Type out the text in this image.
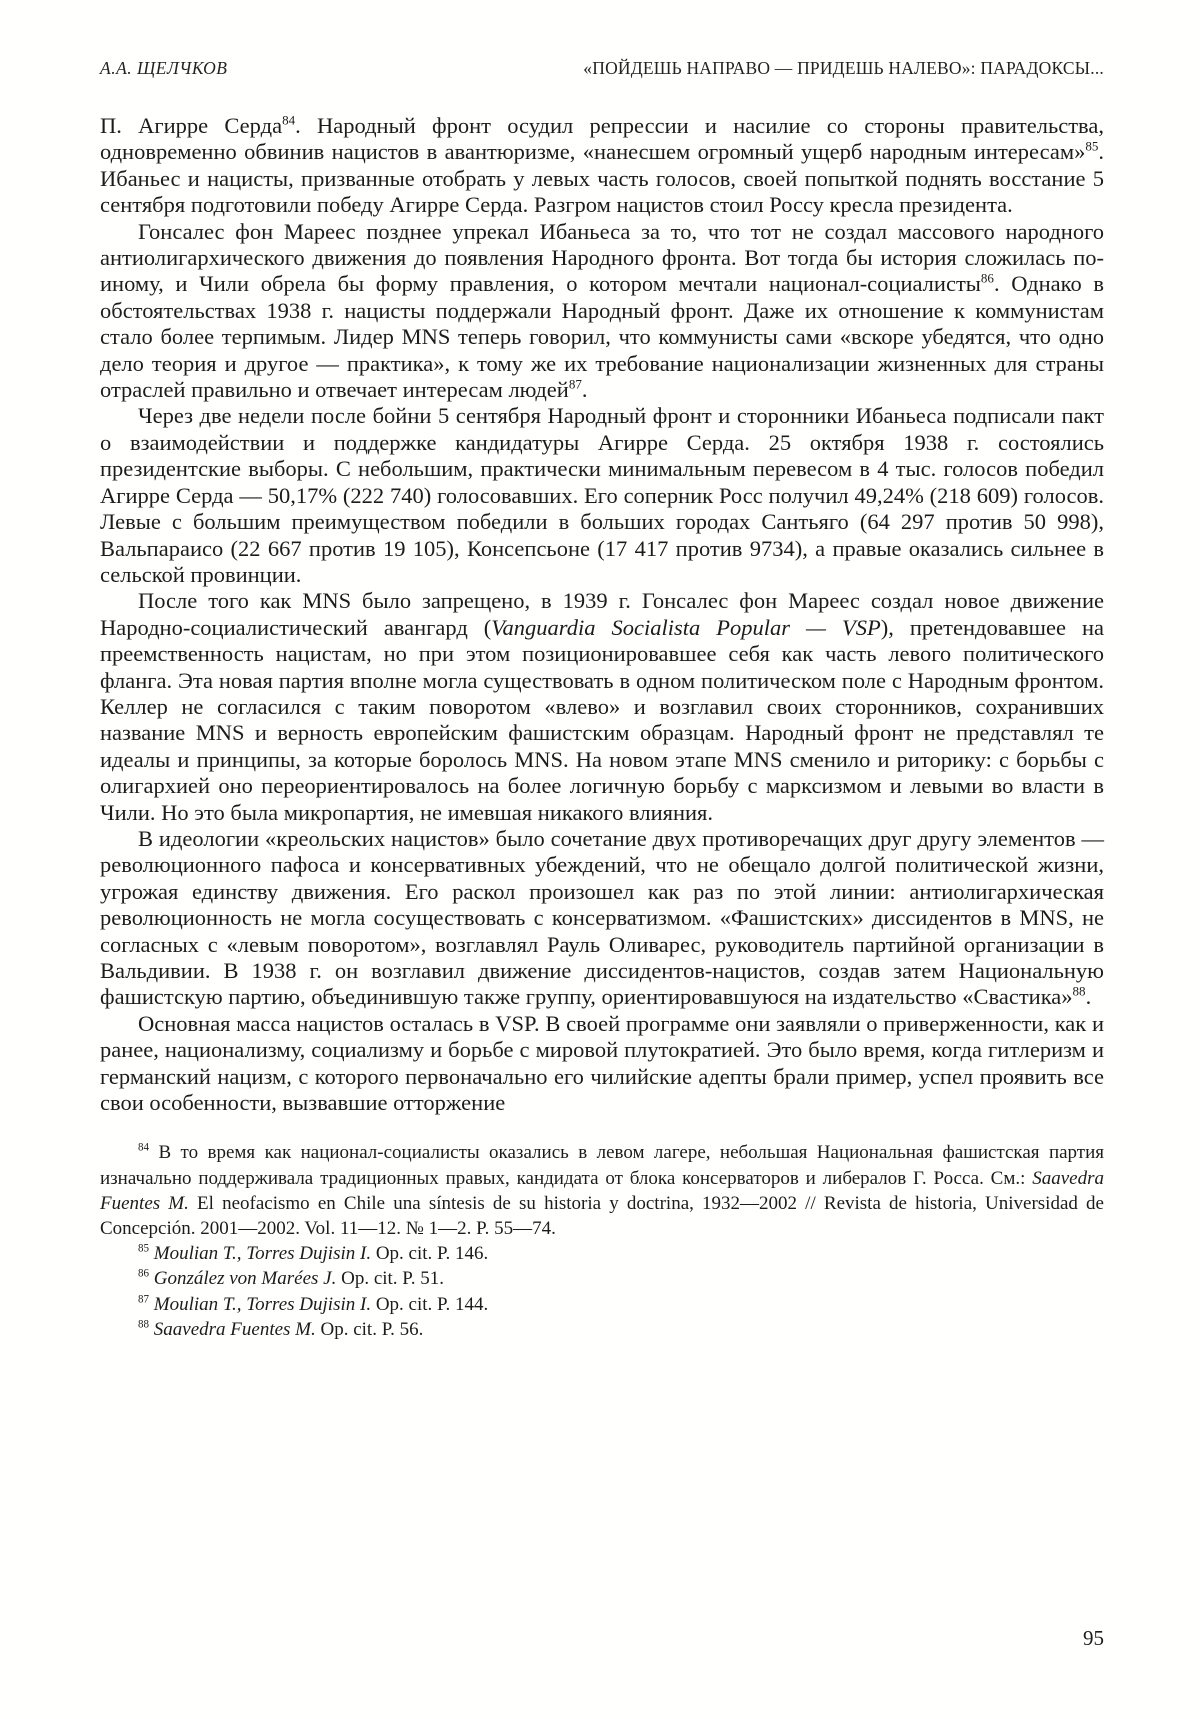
А.А. ЩЕЛЧКОВ	«ПОЙДЕШЬ НАПРАВО — ПРИДЕШЬ НАЛЕВО»: ПАРАДОКСЫ...

П. Агирре Серда$^{84}$. Народный фронт осудил репрессии и насилие со стороны правительства, одновременно обвинив нацистов в авантюризме, «нанесшем огромный ущерб народным интересам»$^{85}$. Ибаньес и нацисты, призванные отобрать у левых часть голосов, своей попыткой поднять восстание 5 сентября подготовили победу Агирре Серда. Разгром нацистов стоил Россу кресла президента.

Гонсалес фон Мареес позднее упрекал Ибаньеса за то, что тот не создал массового народного антиолигархического движения до появления Народного фронта. Вот тогда бы история сложилась по-иному, и Чили обрела бы форму правления, о котором мечтали национал-социалисты$^{86}$. Однако в обстоятельствах 1938 г. нацисты поддержали Народный фронт. Даже их отношение к коммунистам стало более терпимым. Лидер MNS теперь говорил, что коммунисты сами «вскоре убедятся, что одно дело теория и другое — практика», к тому же их требование национализации жизненных для страны отраслей правильно и отвечает интересам людей$^{87}$.

Через две недели после бойни 5 сентября Народный фронт и сторонники Ибаньеса подписали пакт о взаимодействии и поддержке кандидатуры Агирре Серда. 25 октября 1938 г. состоялись президентские выборы. С небольшим, практически минимальным перевесом в 4 тыс. голосов победил Агирре Серда — 50,17% (222 740) голосовавших. Его соперник Росс получил 49,24% (218 609) голосов. Левые с большим преимуществом победили в больших городах Сантьяго (64 297 против 50 998), Вальпараисо (22 667 против 19 105), Консепсьоне (17 417 против 9734), а правые оказались сильнее в сельской провинции.

После того как MNS было запрещено, в 1939 г. Гонсалес фон Мареес создал новое движение Народно-социалистический авангард (Vanguardia Socialista Popular — VSP), претендовавшее на преемственность нацистам, но при этом позиционировавшее себя как часть левого политического фланга. Эта новая партия вполне могла существовать в одном политическом поле с Народным фронтом. Келлер не согласился с таким поворотом «влево» и возглавил своих сторонников, сохранивших название MNS и верность европейским фашистским образцам. Народный фронт не представлял те идеалы и принципы, за которые боролось MNS. На новом этапе MNS сменило и риторику: с борьбы с олигархией оно переориентировалось на более логичную борьбу с марксизмом и левыми во власти в Чили. Но это была микропартия, не имевшая никакого влияния.

В идеологии «креольских нацистов» было сочетание двух противоречащих друг другу элементов — революционного пафоса и консервативных убеждений, что не обещало долгой политической жизни, угрожая единству движения. Его раскол произошел как раз по этой линии: антиолигархическая революционность не могла сосуществовать с консерватизмом. «Фашистских» диссидентов в MNS, не согласных с «левым поворотом», возглавлял Рауль Оливарес, руководитель партийной организации в Вальдивии. В 1938 г. он возглавил движение диссидентов-нацистов, создав затем Национальную фашистскую партию, объединившую также группу, ориентировавшуюся на издательство «Свастика»$^{88}$.

Основная масса нацистов осталась в VSP. В своей программе они заявляли о приверженности, как и ранее, национализму, социализму и борьбе с мировой плутократией. Это было время, когда гитлеризм и германский нацизм, с которого первоначально его чилийские адепты брали пример, успел проявить все свои особенности, вызвавшие отторжение

$^{84}$ В то время как национал-социалисты оказались в левом лагере, небольшая Национальная фашистская партия изначально поддерживала традиционных правых, кандидата от блока консерваторов и либералов Г. Росса. См.: Saavedra Fuentes M. El neofacismo en Chile una síntesis de su historia y doctrina, 1932—2002 // Revista de historia, Universidad de Concepción. 2001—2002. Vol. 11—12. № 1—2. P. 55—74.

$^{85}$ Moulian T., Torres Dujisin I. Op. cit. P. 146.

$^{86}$ González von Marées J. Op. cit. P. 51.

$^{87}$ Moulian T., Torres Dujisin I. Op. cit. P. 144.

$^{88}$ Saavedra Fuentes M. Op. cit. P. 56.

95
